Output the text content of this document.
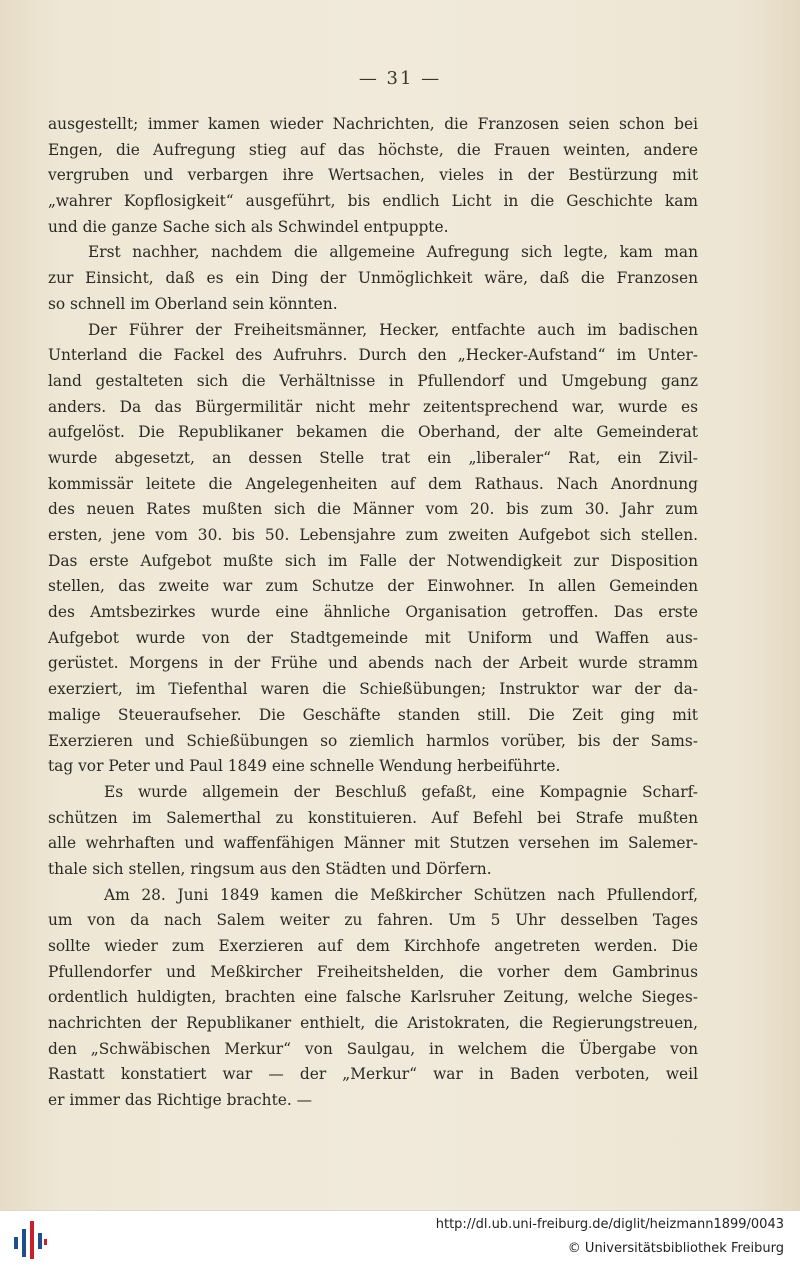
— 31 —
ausgestellt; immer kamen wieder Nachrichten, die Franzosen seien schon bei
Engen, die Aufregung stieg auf das höchste, die Frauen weinten, andere
vergruben und verbargen ihre Wertsachen, vieles in der Bestürzung mit
„wahrer Kopflosigkeit“ ausgeführt, bis endlich Licht in die Geschichte kam
und die ganze Sache sich als Schwindel entpuppte.
Erst nachher, nachdem die allgemeine Aufregung sich legte, kam man
zur Einsicht, daß es ein Ding der Unmöglichkeit wäre, daß die Franzosen
so schnell im Oberland sein könnten.
Der Führer der Freiheitsmänner, Hecker, entfachte auch im badischen
Unterland die Fackel des Aufruhrs. Durch den „Hecker-Aufstand“ im Unter-
land gestalteten sich die Verhältnisse in Pfullendorf und Umgebung ganz
anders. Da das Bürgermilitär nicht mehr zeitentsprechend war, wurde es
aufgelöst. Die Republikaner bekamen die Oberhand, der alte Gemeinderat
wurde abgesetzt, an dessen Stelle trat ein „liberaler“ Rat, ein Zivil-
kommissär leitete die Angelegenheiten auf dem Rathaus. Nach Anordnung
des neuen Rates mußten sich die Männer vom 20. bis zum 30. Jahr zum
ersten, jene vom 30. bis 50. Lebensjahre zum zweiten Aufgebot sich stellen.
Das erste Aufgebot mußte sich im Falle der Notwendigkeit zur Disposition
stellen, das zweite war zum Schutze der Einwohner. In allen Gemeinden
des Amtsbezirkes wurde eine ähnliche Organisation getroffen. Das erste
Aufgebot wurde von der Stadtgemeinde mit Uniform und Waffen aus-
gerüstet. Morgens in der Frühe und abends nach der Arbeit wurde stramm
exerziert, im Tiefenthal waren die Schießübungen; Instruktor war der da-
malige Steueraufseher. Die Geschäfte standen still. Die Zeit ging mit
Exerzieren und Schießübungen so ziemlich harmlos vorüber, bis der Sams-
tag vor Peter und Paul 1849 eine schnelle Wendung herbeiführte.
Es wurde allgemein der Beschluß gefaßt, eine Kompagnie Scharf-
schützen im Salemerthal zu konstituieren. Auf Befehl bei Strafe mußten
alle wehrhaften und waffenfähigen Männer mit Stutzen versehen im Salemer-
thale sich stellen, ringsum aus den Städten und Dörfern.
Am 28. Juni 1849 kamen die Meßkircher Schützen nach Pfullendorf,
um von da nach Salem weiter zu fahren. Um 5 Uhr desselben Tages
sollte wieder zum Exerzieren auf dem Kirchhofe angetreten werden. Die
Pfullendorfer und Meßkircher Freiheitshelden, die vorher dem Gambrinus
ordentlich huldigten, brachten eine falsche Karlsruher Zeitung, welche Sieges-
nachrichten der Republikaner enthielt, die Aristokraten, die Regierungstreuen,
den „Schwäbischen Merkur“ von Saulgau, in welchem die Übergabe von
Rastatt konstatiert war — der „Merkur“ war in Baden verboten, weil
er immer das Richtige brachte. —
http://dl.ub.uni-freiburg.de/diglit/heizmann1899/0043
© Universitätsbibliothek Freiburg
